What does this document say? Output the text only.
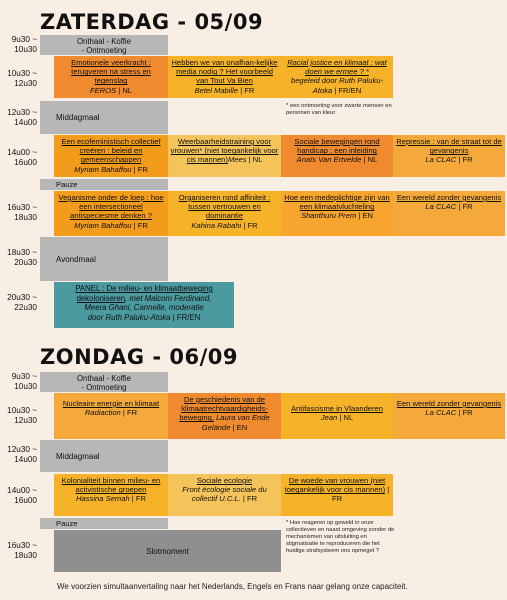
ZATERDAG - 05/09
9u30 ~
10u30
10u30 ~
12u30
12u30 ~
14u00
14u00 ~
16u00
16u30 ~
18u30
18u30 ~
20u30
20u30 ~
22u30
Onthaal - Koffie
- Ontmoeting
Emotionele veerkracht : terugveren na stress en tegenslag
FEROS | NL
Hebben we van onafhan-kelijke media nodig ? Het voorbeeld van Tout Va Bien
Betel Mabille | FR
Racial justice en klimaat : wat doen we ermee ? *
begeleid door Ruth Paluku-Atoka | FR/EN
* een ontmoeting voor zwarte mensen en personen van kleur
Middagmaal
Een ecofeministisch collectief creëren : beleid en gemeenschappen
Myriam Bahaffou | FR
Weerbaarheidstraining voor vrouwen* (niet toegankelijk voor cis mannen)Mees | NL
Sociale bewegingen rond handicap : een inleiding
Anaïs Van Ertvelde | NL
Repressie : van de straat tot de gevangenis
La CLAC | FR
Pauze
Veganisme onder de loep : hoe een intersectioneel antispeciesme denken ?
Myriam Bahaffou | FR
Organiseren rond affiniteit : tussen vertrouwen en dominantie
Kahina Rabahi | FR
Hoe een medeplichtige zijn van een klimaatvluchteling
Shanthuru Prem | EN
Een wereld zonder gevangenis
La CLAC | FR
Avondmaal
PANEL : De milieu- en klimaatbeweging dekoloniseren, met Malcom Ferdinand,
Meera Ghani, Cannelle, moderatie
door Ruth Paluku-Atoka | FR/EN
ZONDAG - 06/09
9u30 ~
10u30
10u30 ~
12u30
12u30 ~
14u00
14u00 ~
16u00
16u30 ~
18u30
Onthaal - Koffie
- Ontmoeting
Nucleaire energie en klimaat
Radiaction | FR
De geschiedenis van de klimaatrechtvaardigheids-beweging, Laura van Ende Gelände | EN
Antifascisme in Vlaanderen
Jean | NL
Een wereld zonder gevangenis
La CLAC | FR
Middagmaal
Kolonialiteit binnen milieu- en activistische groepen
Hassina Semah | FR
Sociale ecologie
Front écologie sociale du collectif U.C.L. | FR
De woede van vrouwen (niet toegankelijk voor cis mannen) | FR
* Hoe reageren op geweld in onze collectieven en naast omgeving zonder de mechanismen van uitsluiting en stigmatisatie te reproduceren die het huidige strafsysteem ons opmeget ?
Pauze
Slotmoment
We voorzien simultaanvertaling naar het Nederlands, Engels en Frans naar gelang onze capaciteit.
